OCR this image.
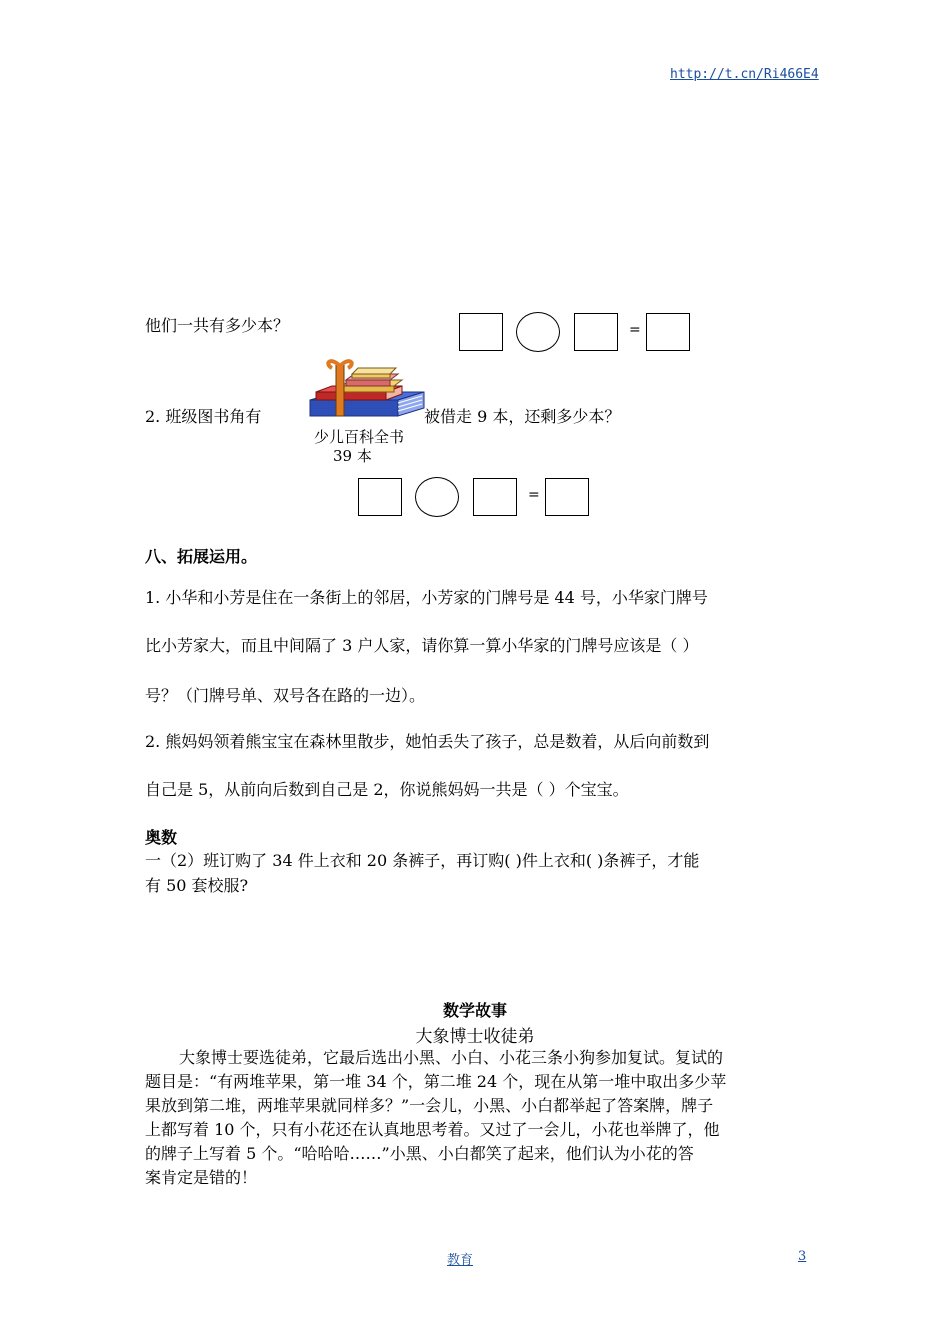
http://t.cn/Ri466E4
他们一共有多少本？	=
2. 班级图书角有	被借走 9 本，还剩多少本？
少儿百科全书
39 本
=
八、拓展运用。
1. 小华和小芳是住在一条街上的邻居，小芳家的门牌号是 44 号，小华家门牌号
比小芳家大，而且中间隔了 3 户人家，请你算一算小华家的门牌号应该是（ ）
号？（门牌号单、双号各在路的一边）。
2. 熊妈妈领着熊宝宝在森林里散步，她怕丢失了孩子，总是数着，从后向前数到
自己是 5，从前向后数到自己是 2，你说熊妈妈一共是（ ）个宝宝。
奥数
一（2）班订购了 34 件上衣和 20 条裤子，再订购( )件上衣和( )条裤子，才能
有 50 套校服?
数学故事
大象博士收徒弟
大象博士要选徒弟，它最后选出小黑、小白、小花三条小狗参加复试。复试的
题目是：“有两堆苹果，第一堆 34 个，第二堆 24 个，现在从第一堆中取出多少苹
果放到第二堆，两堆苹果就同样多？”一会儿，小黑、小白都举起了答案牌，牌子
上都写着 10 个，只有小花还在认真地思考着。又过了一会儿，小花也举牌了，他
的牌子上写着 5 个。“哈哈哈……”小黑、小白都笑了起来，他们认为小花的答
案肯定是错的！
教育	3
